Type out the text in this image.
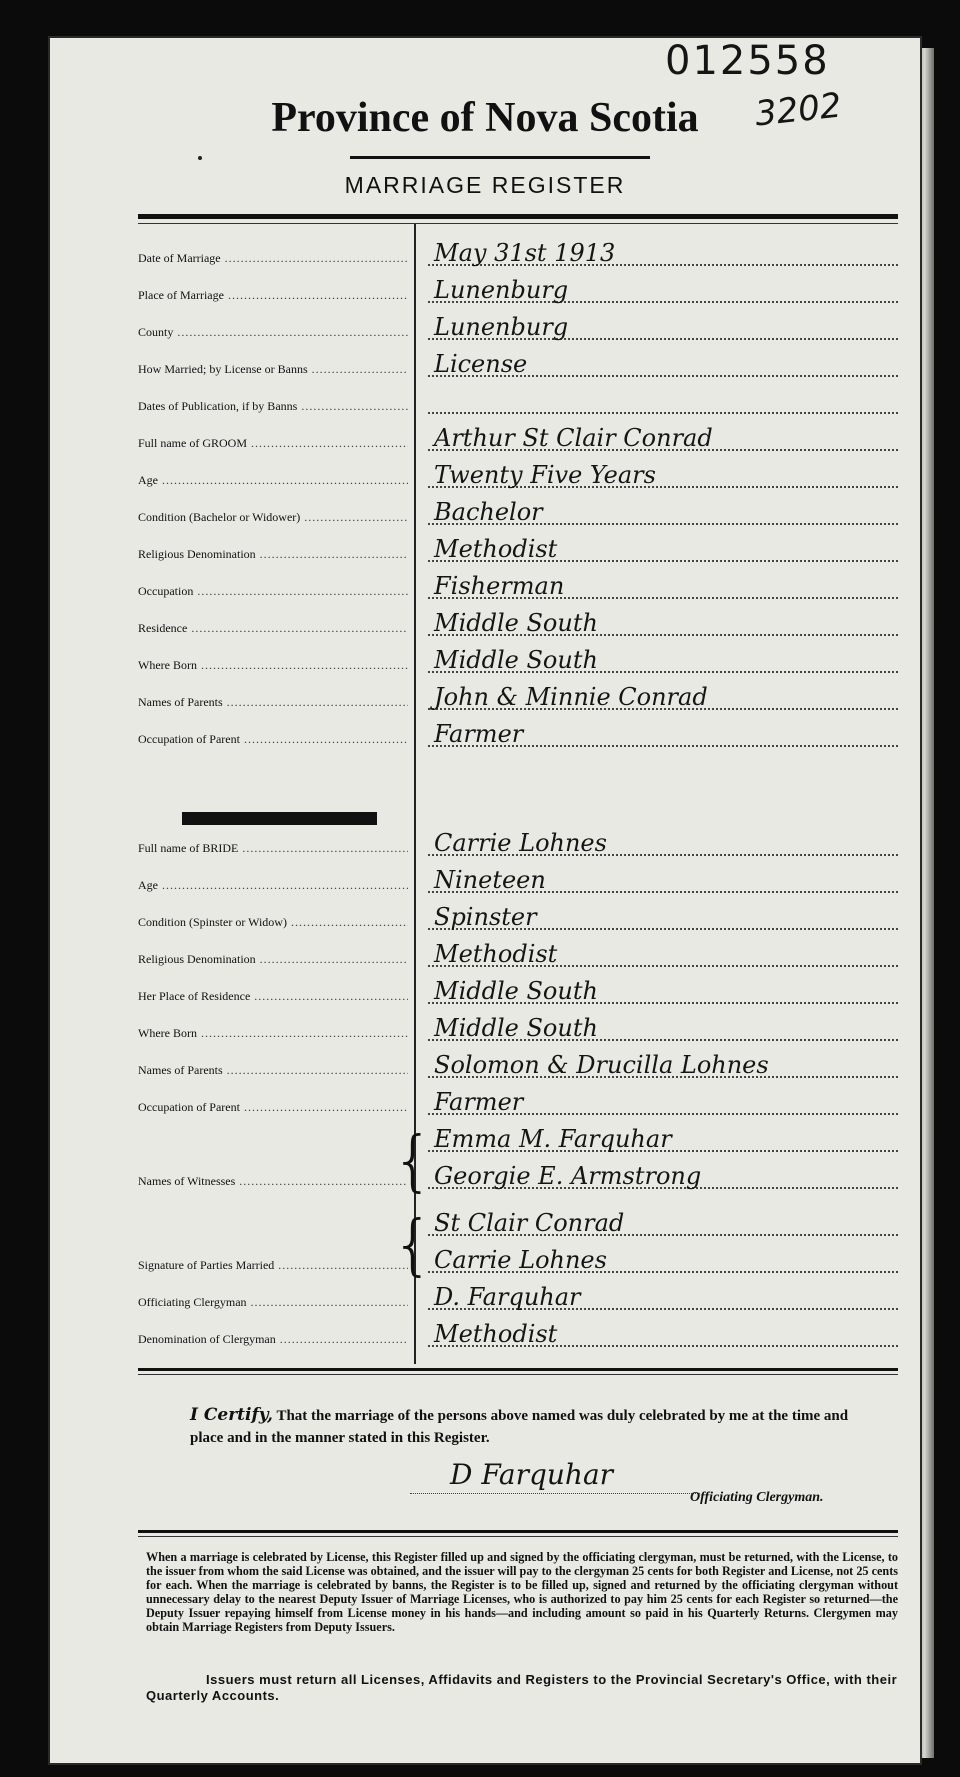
012558
3202
Province of Nova Scotia
MARRIAGE REGISTER
Date of Marriage .....	May 31st 1913
Place of Marriage .....	Lunenburg
County .....	Lunenburg
How Married; by License or Banns .....	License
Dates of Publication, if by Banns .....
Full name of GROOM .....	Arthur St Clair Conrad
Age .....	Twenty Five Years
Condition (Bachelor or Widower) .....	Bachelor
Religious Denomination .....	Methodist
Occupation .....	Fisherman
Residence .....	Middle South
Where Born .....	Middle South
Names of Parents .....	John & Minnie Conrad
Occupation of Parent .....	Farmer
Full name of BRIDE .....	Carrie Lohnes
Age .....	Nineteen
Condition (Spinster or Widow) .....	Spinster
Religious Denomination .....	Methodist
Her Place of Residence .....	Middle South
Where Born .....	Middle South
Names of Parents .....	Solomon & Drucilla Lohnes
Occupation of Parent .....	Farmer
{ Emma M. Farquhar
Names of Witnesses .....	Georgie E. Armstrong
{ St Clair Conrad
Signature of Parties Married .....	Carrie Lohnes
Officiating Clergyman .....	D. Farquhar
Denomination of Clergyman .....	Methodist
I Certify, That the marriage of the persons above named was duly celebrated by me at the time and place and in the manner stated in this Register.
D Farquhar
Officiating Clergyman.
When a marriage is celebrated by License, this Register filled up and signed by the officiating clergyman, must be returned, with the License, to the issuer from whom the said License was obtained, and the issuer will pay to the clergyman 25 cents for both Register and License, not 25 cents for each. When the marriage is celebrated by banns, the Register is to be filled up, signed and returned by the officiating clergyman without unnecessary delay to the nearest Deputy Issuer of Marriage Licenses, who is authorized to pay him 25 cents for each Register so returned—the Deputy Issuer repaying himself from License money in his hands—and including amount so paid in his Quarterly Returns. Clergymen may obtain Marriage Registers from Deputy Issuers.
Issuers must return all Licenses, Affidavits and Registers to the Provincial Secretary's Office, with their Quarterly Accounts.
